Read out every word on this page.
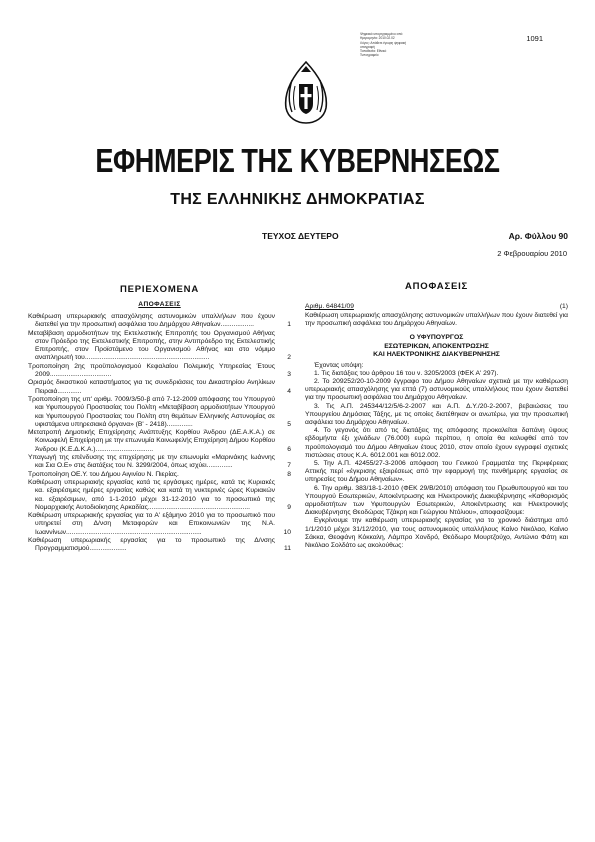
Ψηφιακά υπογεγραμμένο από
Ημερομηνία: 2010.02.02
Λόγος: Απόθετε έγκυρη ψηφιακή
υπογραφή
Τοποθεσία: Εθνικό
Τυπογραφείο
1091
ΕΦΗΜΕΡΙΣ ΤΗΣ ΚΥΒΕΡΝΗΣΕΩΣ
ΤΗΣ ΕΛΛΗΝΙΚΗΣ ΔΗΜΟΚΡΑΤΙΑΣ
ΤΕΥΧΟΣ ΔΕΥΤΕΡΟ	Αρ. Φύλλου 90
2 Φεβρουαρίου 2010
ΠΕΡΙΕΧΟΜΕΝΑ
ΑΠΟΦΑΣΕΙΣ
Καθιέρωση υπερωριακής απασχόλησης αστυνομικών υπαλλήλων που έχουν διατεθεί για την προσωπική ασφάλεια του Δημάρχου Αθηναίων..................	1
Μεταβίβαση αρμοδιοτήτων της Εκτελεστικής Επιτροπής του Οργανισμού Αθήνας στον Πρόεδρο της Εκτελεστικής Επιτροπής, στην Αντιπρόεδρο της Εκτελεστικής Επιτροπής, στον Προϊστάμενο του Οργανισμού Αθήνας και στο νόμιμο αναπληρωτή του...................................................................	2
Τροποποίηση 2ης προϋπολογισμού Κεφαλαίου Πολεμικής Υπηρεσίας Έτους 2009.................................	3
Ορισμός δικαστικού καταστήματος για τις συνεδριάσεις του Δικαστηρίου Ανηλίκων Πειραιά.............	4
Τροποποίηση της υπ' αριθμ. 7009/3/50-β από 7-12-2009 απόφασης του Υπουργού και Υφυπουργού Προστασίας του Πολίτη «Μεταβίβαση αρμοδιοτήτων Υπουργού και Υφυπουργού Προστασίας του Πολίτη στη θεμάτων Ελληνικής Αστυνομίας σε υφιστάμενα υπηρεσιακά όργανα» (Β' - 2418)..............	5
Μετατροπή Δημοτικής Επιχείρησης Ανάπτυξης Κορθίου Άνδρου (ΔΕ.Α.Κ.Α.) σε Κοινωφελή Επιχείρηση με την επωνυμία Κοινωφελής Επιχείρηση Δήμου Κορθίου Άνδρου (Κ.Ε.Δ.Κ.Α.)...............................	6
Υπαγωγή της επένδυσης της επιχείρησης με την επωνυμία «Μαρινάκης Ιωάννης και Σια Ο.Ε» στις διατάξεις του Ν. 3299/2004, όπως ισχύει..............	7
Τροποποίηση ΟΕ.Υ. του Δήμου Αιγινίου Ν. Πιερίας.	8
Καθιέρωση υπερωριακής εργασίας κατά τις εργάσιμες ημέρες, κατά τις Κυριακές κα. εξαιρέσιμες ημέρες εργασίας καθώς και κατά τη νυκτερινές ώρες Κυριακών κα. εξαιρέσιμων, από 1-1-2010 μέχρι 31-12-2010 για το προσωπικό της Νομαρχιακής Αυτοδιοίκησης Αρκαδίας.......................................................	9
Καθιέρωση υπερωριακής εργασίας για το Α' εξάμηνο 2010 για το προσωπικό που υπηρετεί στη Δ/νση Μεταφορών και Επικοινωνιών της Ν.Α. Ιωαννίνων.........................................................................	10
Καθιέρωση υπερωριακής εργασίας για το προσωπικό της Δ/νσης Προγραμματισμού....................	11
ΑΠΟΦΑΣΕΙΣ
Αριθμ. 64841/09	(1)
Καθιέρωση υπερωριακής απασχόλησης αστυνομικών υπαλλήλων που έχουν διατεθεί για την προσωπική ασφάλεια του Δημάρχου Αθηναίων.
Ο ΥΦΥΠΟΥΡΓΟΣ
ΕΣΩΤΕΡΙΚΩΝ, ΑΠΟΚΕΝΤΡΩΣΗΣ
ΚΑΙ ΗΛΕΚΤΡΟΝΙΚΗΣ ΔΙΑΚΥΒΕΡΝΗΣΗΣ

Έχοντας υπόψη:

1. Τις διατάξεις του άρθρου 16 του ν. 3205/2003 (ΦΕΚ Α' 297).

2. Το 209252/20-10-2009 έγγραφο του Δήμου Αθηναίων σχετικά με την καθιέρωση υπερωριακής απασχόλησης για επτά (7) αστυνομικούς υπαλλήλους που έχουν διατεθεί για την προσωπική ασφάλεια του Δημάρχου Αθηναίων.

3. Τις Α.Π. 245344/12/5/6-2-2007 και Α.Π. Δ.Υ./20-2-2007, βεβαιώσεις του Υπουργείου Δημόσιας Τάξης, με τις οποίες διατέθηκαν οι ανωτέρω, για την προσωπική ασφάλεια του Δημάρχου Αθηναίων.

4. Το γεγονός ότι από τις διατάξεις της απόφασης προκαλείται δαπάνη ύψους εβδομήντα έξι χιλιάδων (76.000) ευρώ περίπου, η οποία θα καλυφθεί από τον προϋπολογισμό του Δήμου Αθηναίων έτους 2010, στον οποίο έχουν εγγραφεί σχετικές πιστώσεις στους Κ.Α. 6012.001 και 6012.002.

5. Την Α.Π. 42455/27-3-2006 απόφαση του Γενικού Γραμματέα της Περιφέρειας Αττικής περί «έγκρισης εξαιρέσεως από την εφαρμογή της πενθήμερης εργασίας σε υπηρεσίες του Δήμου Αθηναίων».

6. Την αριθμ. 383/18-1-2010 (ΦΕΚ 29/Β/2010) απόφαση του Πρωθυπουργού και του Υπουργού Εσωτερικών, Αποκέντρωσης και Ηλεκτρονικής Διακυβέρνησης «Καθορισμός αρμοδιοτήτων των Υφυπουργών Εσωτερικών, Αποκέντρωσης και Ηλεκτρονικής Διακυβέρνησης Θεοδώρας Τζάκρη και Γεώργιου Ντόλιου», αποφασίζουμε:

Εγκρίνουμε την καθιέρωση υπερωριακής εργασίας για το χρονικό διάστημα από 1/1/2010 μέχρι 31/12/2010, για τους αστυνομικούς υπαλλήλους Καίνο Νικόλαο, Καίνιο Σάκκα, Θεοφάνη Κόκκαλη, Λάμπρο Χονδρό, Θεόδωρο Μουρτζούχο, Αντώνιο Φάτη και Νικόλαο Σολδάτο ως ακολούθως:
